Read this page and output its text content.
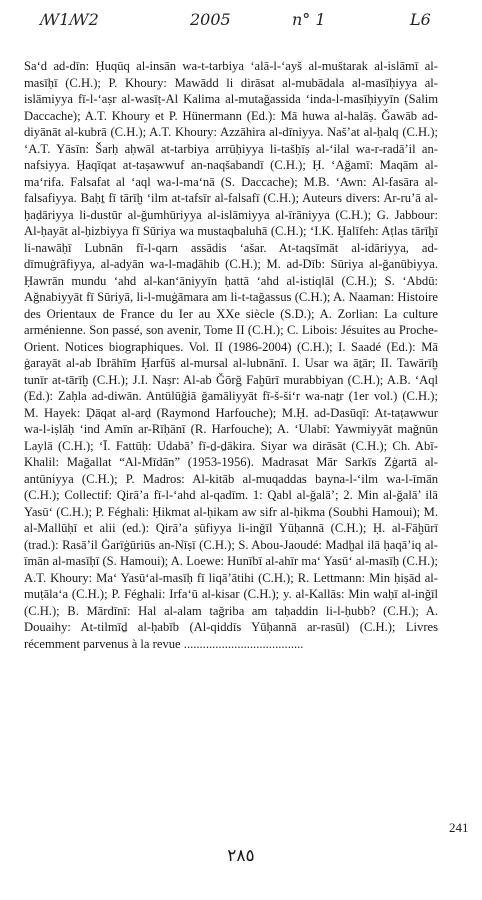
ꟿ1ꟿ2	2005	n° 1	L6
Sa‘d ad-dīn: Ḥuqūq al-insān wa-t-tarbiya ‘alā-l-‘ayš al-muštarak al-islāmī al-masīḥī (C.H.); P. Khoury: Mawādd li dirāsat al-mubādala al-masīḥiyya al-islāmiyya fī-l-‘aṣr al-wasīṭ-Al Kalima al-mutaǧassida ‘inda-l-masīḥiyyīn (Salim Daccache); A.T. Khoury et P. Hünermann (Ed.): Mā huwa al-halāṣ. Ǧawāb ad-diyānāt al-kubrā (C.H.); A.T. Khoury: Azzāhira al-dīniyya. Naš’at al-ḥalq (C.H.); ‘A.T. Yāsīn: Šarḥ aḥwāl at-tarbiya arrūḥiyya li-tašḥīṣ al-‘ilal wa-r-radā’il an-nafsiyya. Ḥaqīqat at-taṣawwuf an-naqšabandī (C.H.); Ḥ. ‘Aǧamī: Maqām al-ma‘rifa. Falsafat al ‘aql wa-l-ma‘nā (S. Daccache); M.B. ‘Awn: Al-fasāra al-falsafiyya. Baḥṯ fī tārīḫ ‘ilm at-tafsīr al-falsafī (C.H.); Auteurs divers: Ar-ru’ā al-ḥaḍāriyya li-dustūr al-ǧumhūriyya al-islāmiyya al-īrāniyya (C.H.); G. Jabbour: Al-ḥayāt al-ḥizbiyya fī Sūriya wa mustaqbaluhā (C.H.); ‘I.K. Ḫalīfeh: Aṭlas tārīḫī li-nawāḥī Lubnān fī-l-qarn assādis ‘ašar. At-taqsīmāt al-idāriyya, ad-dīmuġrāfiyya, al-adyān wa-l-maḏāhib (C.H.); M. ad-Dīb: Sūriya al-ǧanūbiyya. Ḥawrān mundu ‘ahd al-kan‘āniyyīn ḥattā ‘ahd al-istiqlāl (C.H.); S. ‘Abdū: Aǧnabiyyāt fī Sūriyā, li-l-muġāmara am li-t-taǧassus (C.H.); A. Naaman: Histoire des Orientaux de France du Ier au XXe siècle (S.D.); A. Zorlian: La culture arménienne. Son passé, son avenir, Tome II (C.H.); C. Libois: Jésuites au Proche-Orient. Notices biographiques. Vol. II (1986-2004) (C.H.); I. Saadé (Ed.): Mā ġarayāt al-ab Ibrāhīm Ḥarfūš al-mursal al-lubnānī. I. Usar wa āṯār; II. Tawārīḫ tunīr at-tārīḫ (C.H.); J.I. Naṣr: Al-ab Ǧōrǧ Faḫūrī murabbiyan (C.H.); A.B. ‘Aql (Ed.): Zaḥla ad-diwān. Antūlūǧiā ǧamāliyyāt fī-š-ši‘r wa-naṯr (1er vol.) (C.H.); M. Hayek: Ḍāqat al-arḍ (Raymond Harfouche); M.Ḥ. ad-Dasūqī: At-taṭawwur wa-l-iṣlāḥ ‘ind Amīn ar-Rīḥānī (R. Harfouche); A. ‘Ulabī: Yawmiyyāt maǧnūn Laylā (C.H.); ‘Ī. Fattūḥ: Udabā’ fī-ḏ-ḏākira. Siyar wa dirāsāt (C.H.); Ch. Abī-Khalil: Maǧallat “Al-Mīdān” (1953-1956). Madrasat Mār Sarkīs Zġartā al-antūniyya (C.H.); P. Madros: Al-kitāb al-muqaddas bayna-l-‘ilm wa-l-īmān (C.H.); Collectif: Qirā’a fī-l-‘ahd al-qadīm. 1: Qabl al-ǧalā’; 2. Min al-ǧalā’ ilā Yasū‘ (C.H.); P. Féghali: Ḥikmat al-ḥikam aw sifr al-ḥikma (Soubhi Hamoui); M. al-Mallūḥī et alii (ed.): Qirā’a ṣūfiyya li-inǧīl Yūḥannā (C.H.); Ḥ. al-Fāḫūrī (trad.): Rasā’il Ġarīġūriūs an-Nīṣī (C.H.); S. Abou-Jaoudé: Madḫal ilā ḥaqā’iq al-īmān al-masīḥī (S. Hamoui); A. Loewe: Hunībī al-ahīr ma‘ Yasū‘ al-masīḥ (C.H.); A.T. Khoury: Ma‘ Yasū‘al-masīḥ fī liqā’ātihi (C.H.); R. Lettmann: Min ḥiṣād al-muṭāla‘a (C.H.); P. Féghali: Irfa‘ū al-kisar (C.H.); y. al-Kallās: Min waḥī al-inǧīl (C.H.); B. Mārdīnī: Hal al-alam taǧriba am taḥaddin li-l-ḥubb? (C.H.); A. Douaihy: At-tilmīḏ al-ḥabīb (Al-qiddīs Yūḥannā ar-rasūl) (C.H.); Livres récemment parvenus à la revue ......................................
241
٢٨٥
